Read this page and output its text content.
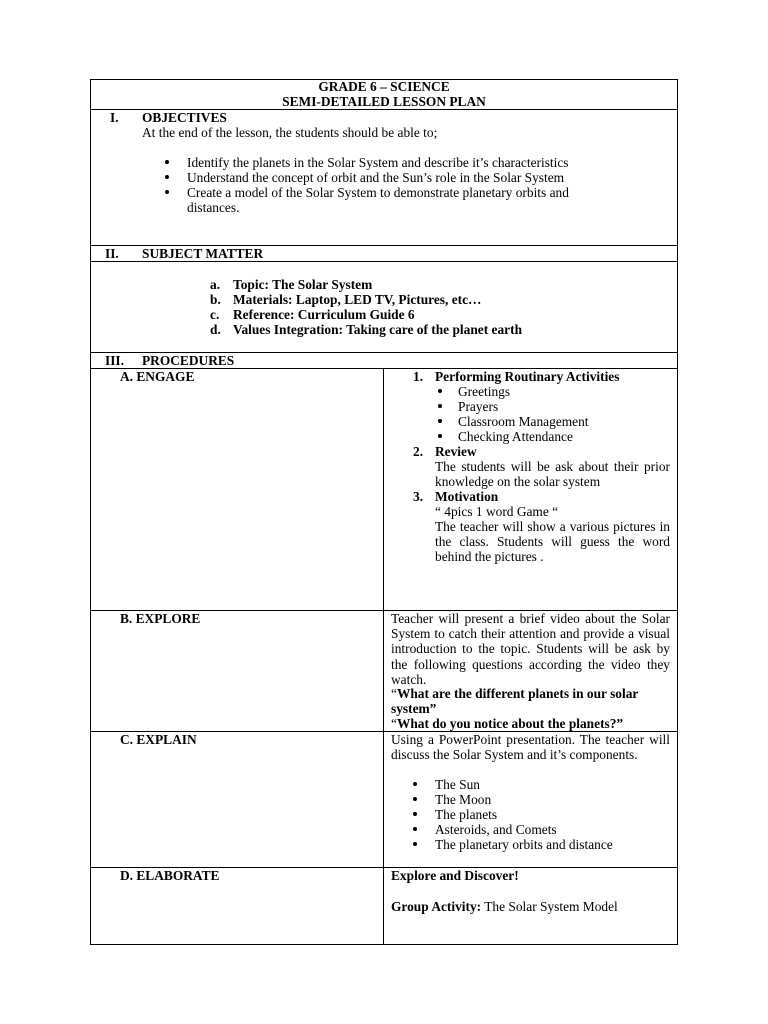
GRADE 6 – SCIENCE
SEMI-DETAILED LESSON PLAN
I. OBJECTIVES
At the end of the lesson, the students should be able to;
Identify the planets in the Solar System and describe it’s characteristics
Understand the concept of orbit and the Sun’s role in the Solar System
Create a model of the Solar System to demonstrate planetary orbits and
distances.
II. SUBJECT MATTER
a. Topic: The Solar System
b. Materials: Laptop, LED TV, Pictures, etc…
c. Reference: Curriculum Guide 6
d. Values Integration: Taking care of the planet earth
III. PROCEDURES
A. ENGAGE	1. Performing Routinary Activities
Greetings
Prayers
Classroom Management
Checking Attendance
2. Review
The students will be ask about their prior knowledge on the solar system
3. Motivation
“ 4pics 1 word Game “
The teacher will show a various pictures in the class. Students will guess the word behind the pictures .
B. EXPLORE	Teacher will present a brief video about the Solar System to catch their attention and provide a visual introduction to the topic. Students will be ask by the following questions according the video they watch.
“What are the different planets in our solar system”
“What do you notice about the planets?”
C. EXPLAIN	Using a PowerPoint presentation. The teacher will discuss the Solar System and it’s components.
The Sun
The Moon
The planets
Asteroids, and Comets
The planetary orbits and distance
D. ELABORATE	Explore and Discover!
Group Activity: The Solar System Model
